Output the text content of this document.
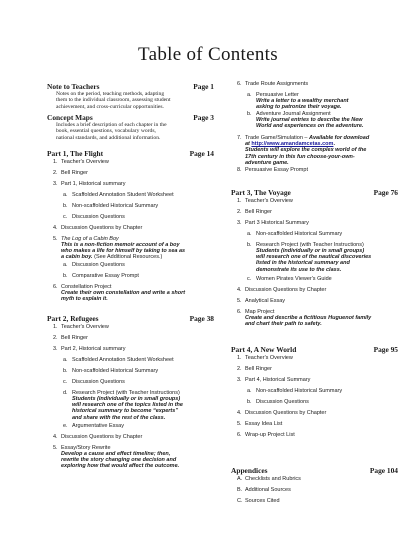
Table of Contents
Note to Teachers	Page 1
Notes on the period, teaching methods, adapting
them to the individual classroom, assessing student
achievement, and cross-curricular opportunities.
Concept Maps	Page 3
Includes a brief description of each chapter in the
book, essential questions, vocabulary words,
national standards, and additional information.
Part 1, The Flight	Page 14
1. Teacher's Overview
2. Bell Ringer
3. Part 1, Historical summary
a. Scaffolded Annotation Student Worksheet
b. Non-scaffolded Historical Summary
c. Discussion Questions
4. Discussion Questions by Chapter
5. The Log of a Cabin Boy
This is a non-fiction memoir account of a boy
who makes a life for himself by taking to sea as
a cabin boy. (See Additional Resources.)
a. Discussion Questions
b. Comparative Essay Prompt
6. Constellation Project
Create their own constellation and write a short
myth to explain it.
Part 2, Refugees	Page 38
1. Teacher's Overview
2. Bell Ringer
3. Part 2, Historical summary
a. Scaffolded Annotation Student Worksheet
b. Non-scaffolded Historical Summary
c. Discussion Questions
d. Research Project (with Teacher Instructions)
Students (individually or in small groups)
will research one of the topics listed in the
historical summary to become “experts”
and share with the rest of the class.
e. Argumentative Essay
4. Discussion Questions by Chapter
5. Essay/Story Rewrite
Develop a cause and effect timeline; then,
rewrite the story changing one decision and
exploring how that would affect the outcome.
6. Trade Route Assignments
a. Persuasive Letter
Write a letter to a wealthy merchant
asking to patronize their voyage.
b. Adventure Journal Assignment
Write journal entries to describe the New
World and experiences on the adventure.
7. Trade Game/Simulation – Available for download
at http://www.amandamcetas.com.
Students will explore the complex world of the
17th century in this fun choose-your-own-
adventure game.
8. Persuasive Essay Prompt
Part 3, The Voyage	Page 76
1. Teacher's Overview
2. Bell Ringer
3. Part 3 Historical Summary
a. Non-scaffolded Historical Summary
b. Research Project (with Teacher Instructions)
Students (individually or in small groups)
will research one of the nautical discoveries
listed in the historical summary and
demonstrate its use to the class.
c. Women Pirates Viewer's Guide
4. Discussion Questions by Chapter
5. Analytical Essay
6. Map Project
Create and describe a fictitious Huguenot family
and chart their path to safety.
Part 4, A New World	Page 95
1. Teacher's Overview
2. Bell Ringer
3. Part 4, Historical Summary
a. Non-scaffolded Historical Summary
b. Discussion Questions
4. Discussion Questions by Chapter
5. Essay Idea List
6. Wrap-up Project List
Appendices	Page 104
A. Checklists and Rubrics
B. Additional Sources
C. Sources Cited
